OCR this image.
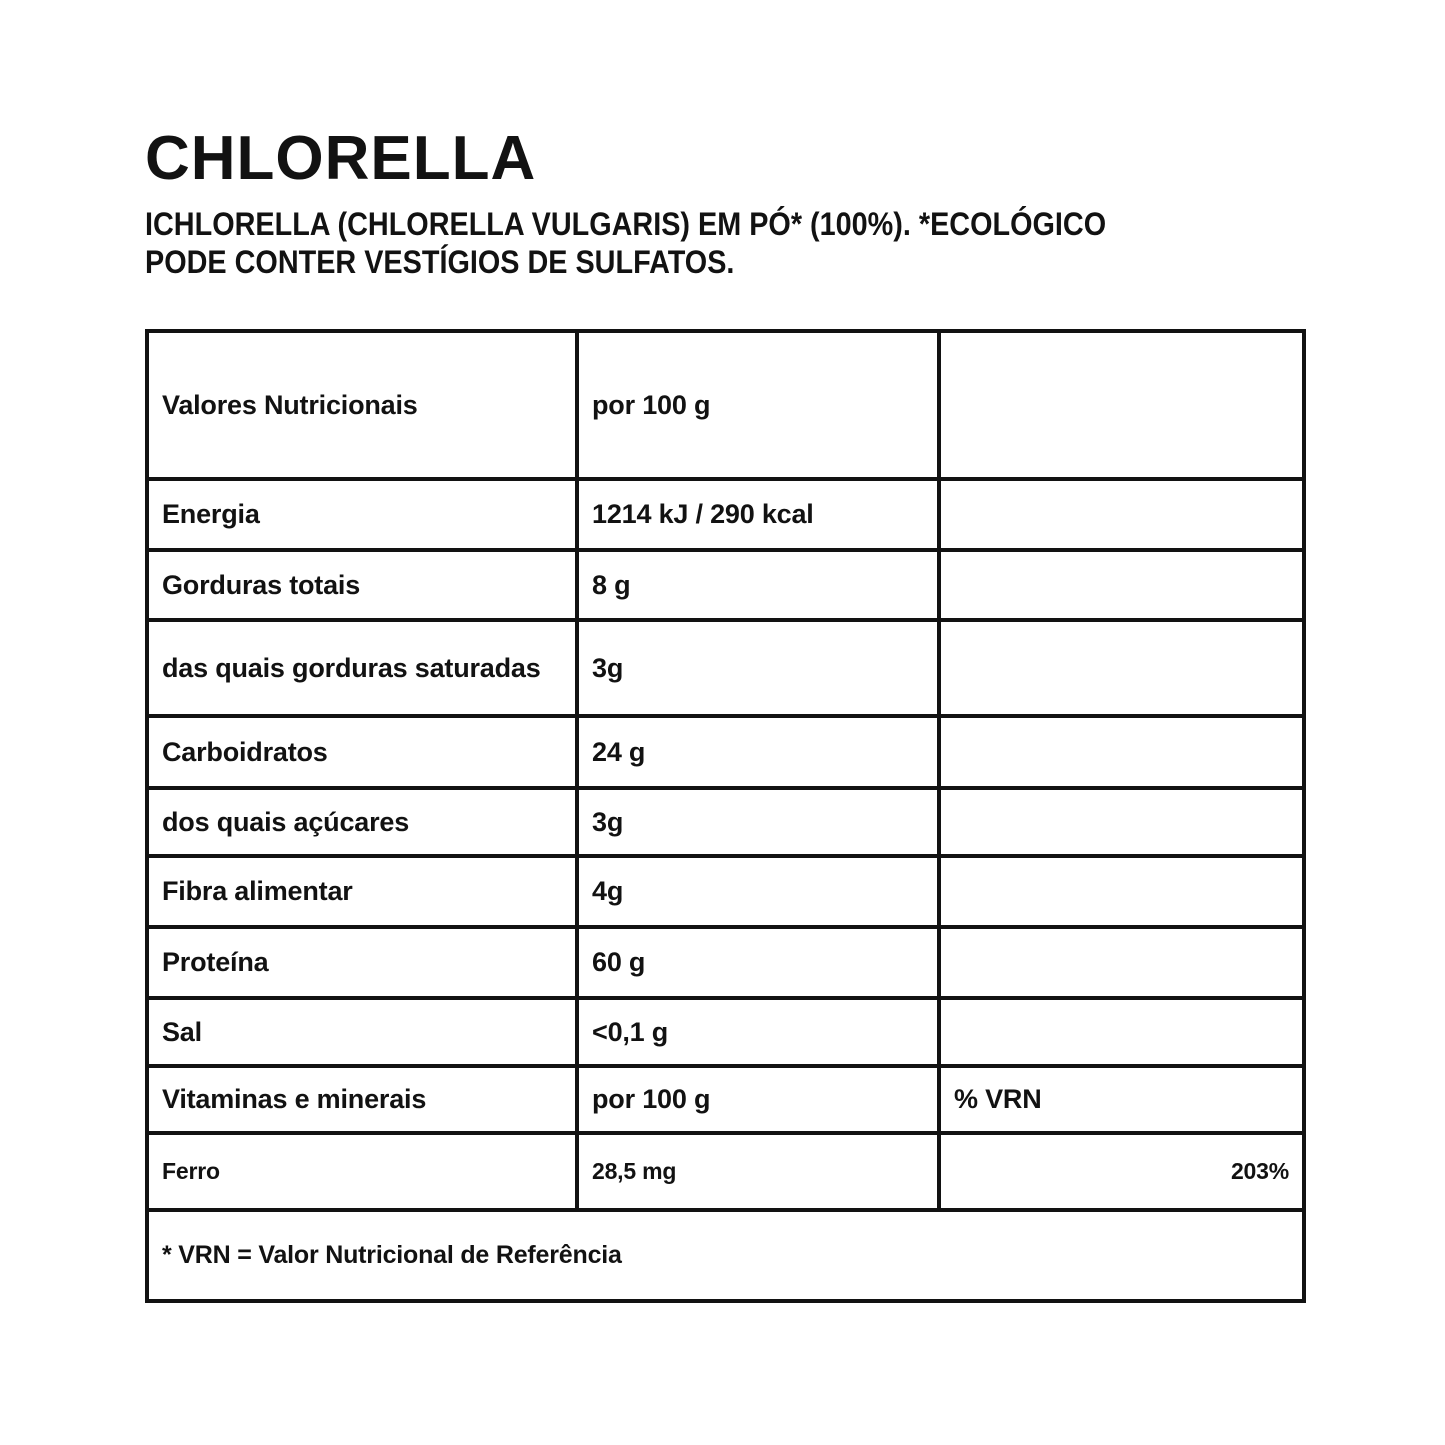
CHLORELLA

ICHLORELLA (CHLORELLA VULGARIS) EM PÓ* (100%). *ECOLÓGICO
PODE CONTER VESTÍGIOS DE SULFATOS.

Valores Nutricionais	por 100 g	
Energia	1214 kJ / 290 kcal	
Gorduras totais	8 g	
das quais gorduras saturadas	3g	
Carboidratos	24 g	
dos quais açúcares	3g	
Fibra alimentar	4g	
Proteína	60 g	
Sal	<0,1 g	
Vitaminas e minerais	por 100 g	% VRN
Ferro	28,5 mg	203%
* VRN = Valor Nutricional de Referência		
